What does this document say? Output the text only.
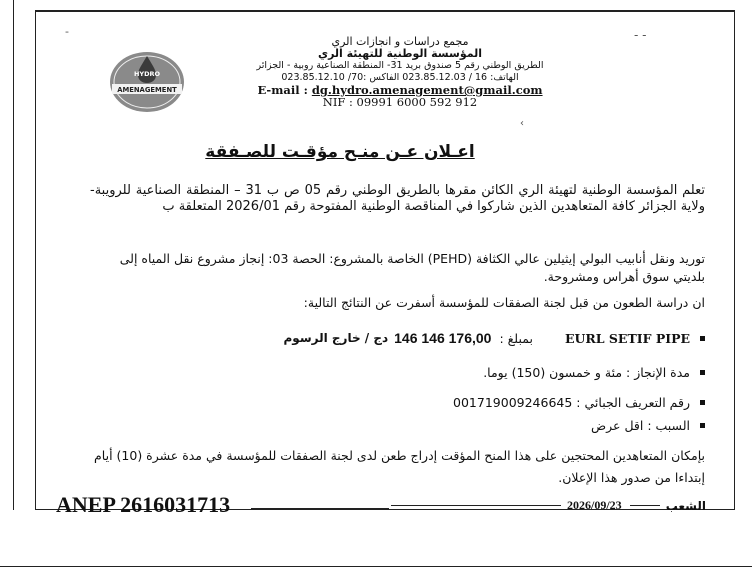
-	- -
‹
HYDRO
AMENAGEMENT
مجمع دراسات و انجازات الري
المؤسسة الوطنية للتهيئة الري
الطريق الوطني رقم 5 صندوق بريد 31- المنطقة الصناعية روبية - الجزائر
الهاتف: 16 / 023.85.12.03 الفاكس :70/ 023.85.12.10
E-mail : dg.hydro.amenagement@gmail.com
NIF : 09991 6000 592 912
اعـلان عـن منـح مؤقـت للصـفقة
تعلم المؤسسة الوطنية لتهيئة الري الكائن مقرها بالطريق الوطني رقم 05 ص ب 31 – المنطقة الصناعية للرويبة- ولاية الجزائر كافة المتعاهدين الذين شاركوا في المناقصة الوطنية المفتوحة رقم 2026/01 المتعلقة ب
توريد ونقل أنابيب البولي إيثيلين عالي الكثافة (PEHD) الخاصة بالمشروع: الحصة 03: إنجاز مشروع نقل المياه إلى بلديتي سوق أهراس ومشروحة.
ان دراسة الطعون من قبل لجنة الصفقات للمؤسسة أسفرت عن النتائج التالية:
EURL SETIF PIPE
بمبلغ :
146 146 176,00
دج / خارج الرسوم
مدة الإنجاز : مئة و خمسون (150) يوما.
رقم التعريف الجبائي : 001719009246645
السبب : اقل عرض
بإمكان المتعاهدين المحتجين على هذا المنح المؤقت إدراج طعن لدى لجنة الصفقات للمؤسسة في مدة عشرة (10) أيام إبتداءا من صدور هذا الإعلان.
ANEP 2616031713	2026/09/23	الشعب
